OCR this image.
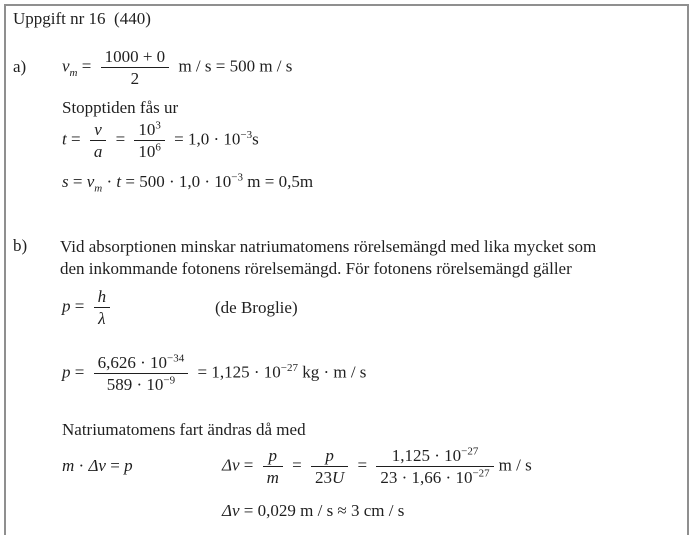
Uppgift nr 16  (440)
a) $v_m = \frac{1000 + 0}{2}$ m / s = 500 m / s
Stopptiden fås ur
$t = \frac{v}{a} = \frac{10^3}{10^6} = 1,0 \cdot 10^{-3}s$
$s = v_m \cdot t = 500 \cdot 1,0 \cdot 10^{-3}$ m = 0,5m
b)	Vid absorptionen minskar natriumatomens rörelsemängd med lika mycket som
den inkommande fotonens rörelsemängd. För fotonens rörelsemängd gäller
$p = \frac{h}{\lambda}$	(de Broglie)
$p = \frac{6,626 \cdot 10^{-34}}{589 \cdot 10^{-9}} = 1,125 \cdot 10^{-27}$ kg · m / s
Natriumatomens fart ändras då med
m · Δv = p	$\Delta v = \frac{p}{m} = \frac{p}{23U} = \frac{1,125 \cdot 10^{-27}}{23 \cdot 1,66 \cdot 10^{-27}}$ m / s
Δv = 0,029 m / s ≈ 3 cm / s
